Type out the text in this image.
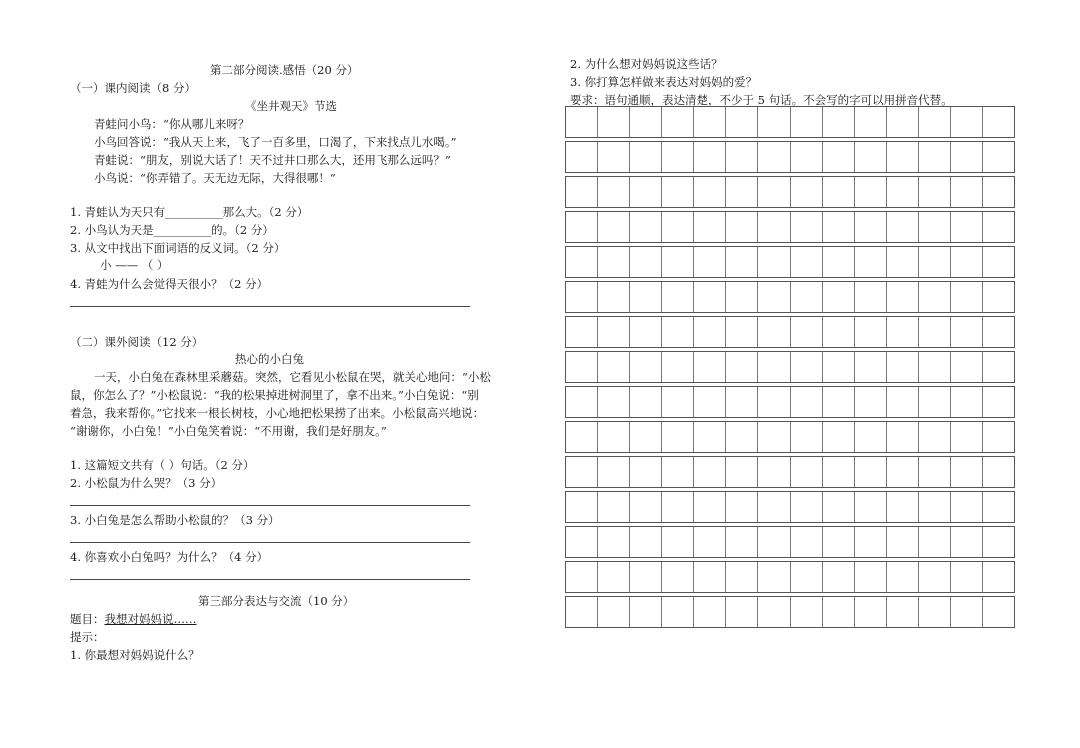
第二部分阅读.感悟（20 分）
（一）课内阅读（8 分）
《坐井观天》节选
青蛙问小鸟：“你从哪儿来呀？
小鸟回答说：“我从天上来，飞了一百多里，口渴了，下来找点儿水喝。”
青蛙说：“朋友，别说大话了！天不过井口那么大，还用飞那么远吗？”
小鸟说：“你弄错了。天无边无际，大得很哪！”
1. 青蛙认为天只有__________那么大。（2 分）
2. 小鸟认为天是__________的。（2 分）
3. 从文中找出下面词语的反义词。（2 分）
小 —— （ ）
4. 青蛙为什么会觉得天很小？（2 分）
（二）课外阅读（12 分）
热心的小白兔
一天，小白兔在森林里采蘑菇。突然，它看见小松鼠在哭，就关心地问：“小松
鼠，你怎么了？”小松鼠说：“我的松果掉进树洞里了，拿不出来。”小白兔说：“别
着急，我来帮你。”它找来一根长树枝，小心地把松果捞了出来。小松鼠高兴地说：
“谢谢你，小白兔！”小白兔笑着说：“不用谢，我们是好朋友。”
1. 这篇短文共有（ ）句话。（2 分）
2. 小松鼠为什么哭？（3 分）
3. 小白兔是怎么帮助小松鼠的？（3 分）
4. 你喜欢小白兔吗？为什么？（4 分）
第三部分表达与交流（10 分）
题目：我想对妈妈说……
提示：
1. 你最想对妈妈说什么？
2. 为什么想对妈妈说这些话？
3. 你打算怎样做来表达对妈妈的爱？
要求：语句通顺，表达清楚，不少于 5 句话。不会写的字可以用拼音代替。
